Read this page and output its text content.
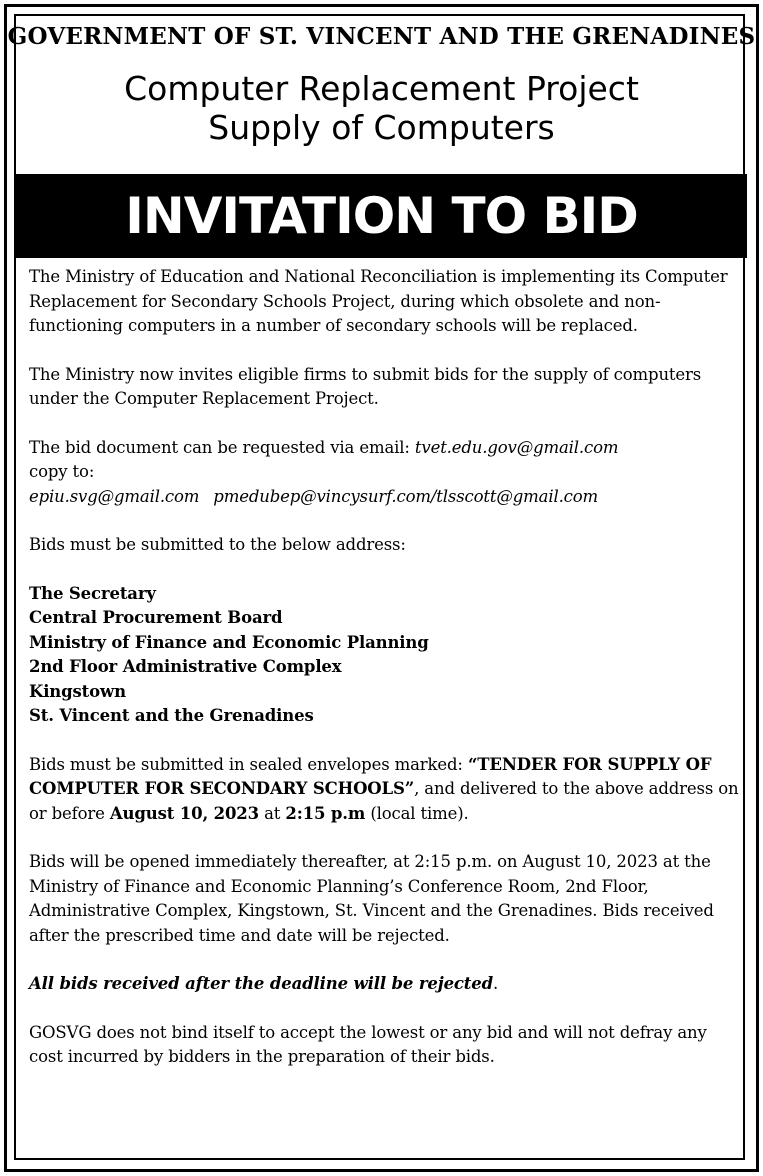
GOVERNMENT OF ST. VINCENT AND THE GRENADINES
Computer Replacement Project
Supply of Computers
INVITATION TO BID

The Ministry of Education and National Reconciliation is implementing its Computer Replacement for Secondary Schools Project, during which obsolete and non-functioning computers in a number of secondary schools will be replaced.

The Ministry now invites eligible firms to submit bids for the supply of computers under the Computer Replacement Project.

The bid document can be requested via email: tvet.edu.gov@gmail.com
copy to:
epiu.svg@gmail.com pmedubep@vincysurf.com/tlsscott@gmail.com

Bids must be submitted to the below address:

The Secretary
Central Procurement Board
Ministry of Finance and Economic Planning
2nd Floor Administrative Complex
Kingstown
St. Vincent and the Grenadines

Bids must be submitted in sealed envelopes marked: “TENDER FOR SUPPLY OF COMPUTER FOR SECONDARY SCHOOLS”, and delivered to the above address on or before August 10, 2023 at 2:15 p.m (local time).

Bids will be opened immediately thereafter, at 2:15 p.m. on August 10, 2023 at the Ministry of Finance and Economic Planning’s Conference Room, 2nd Floor, Administrative Complex, Kingstown, St. Vincent and the Grenadines. Bids received after the prescribed time and date will be rejected.

All bids received after the deadline will be rejected.

GOSVG does not bind itself to accept the lowest or any bid and will not defray any cost incurred by bidders in the preparation of their bids.
